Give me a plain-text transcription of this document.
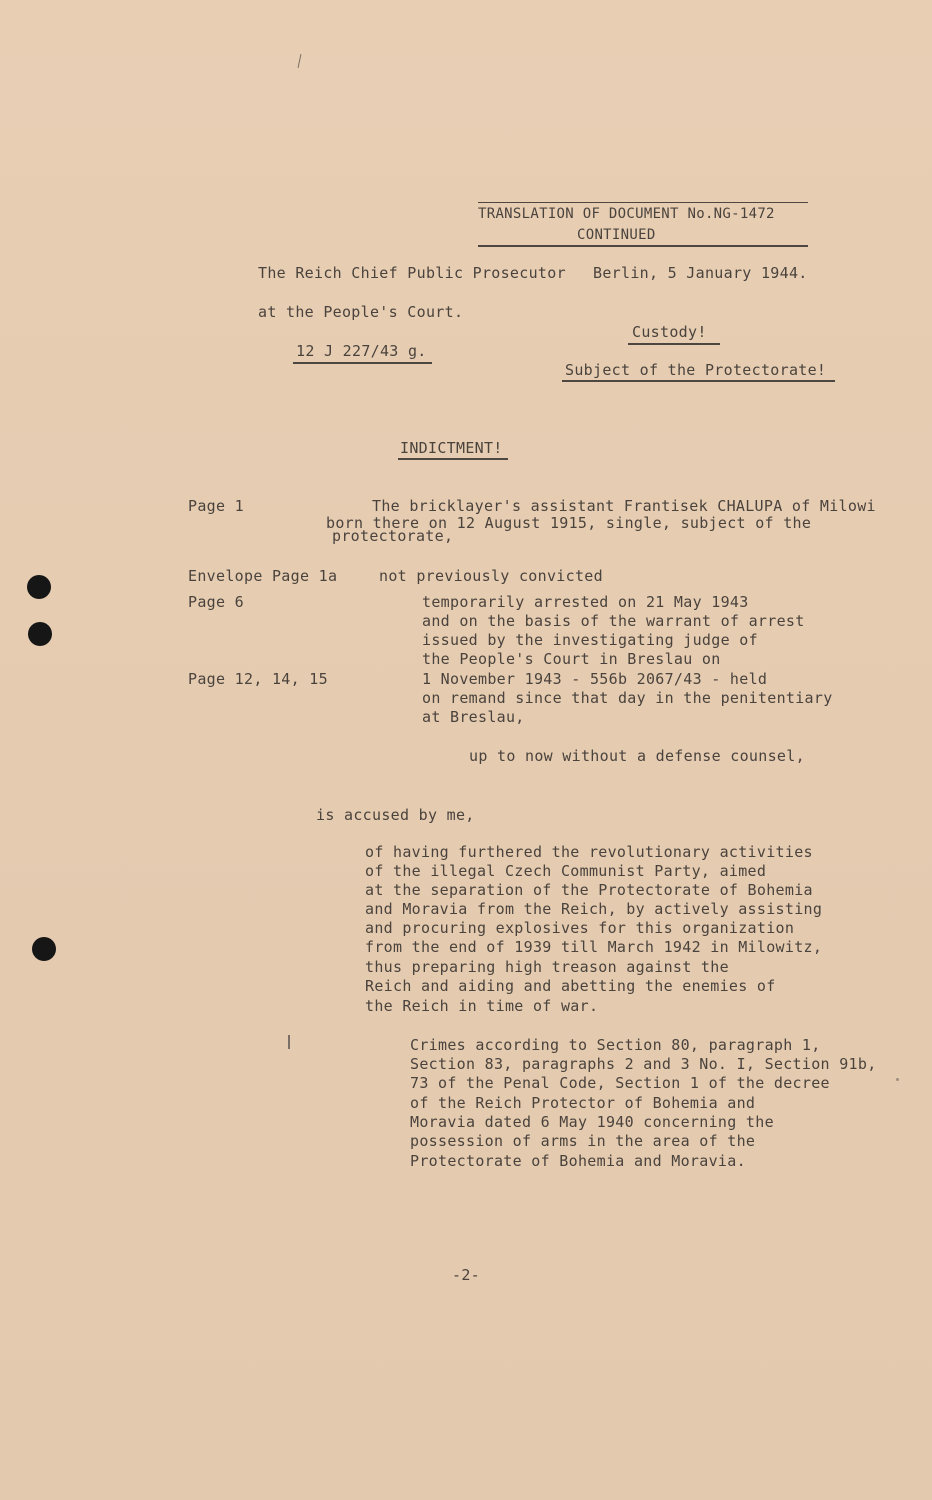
TRANSLATION OF DOCUMENT No.NG-1472
CONTINUED
The Reich Chief Public Prosecutor Berlin, 5 January 1944.
at the People's Court.
Custody!
12 J 227/43 g.
Subject of the Protectorate!
INDICTMENT!
Page 1	The bricklayer's assistant Frantisek CHALUPA of Milowi
born there on 12 August 1915, single, subject of the
protectorate,
Envelope Page 1a	not previously convicted
Page 6	temporarily arrested on 21 May 1943
and on the basis of the warrant of arrest
issued by the investigating judge of
the People's Court in Breslau on
Page 12, 14, 15	1 November 1943 - 556b 2067/43 - held
on remand since that day in the penitentiary
at Breslau,
up to now without a defense counsel,
is accused by me,
of having furthered the revolutionary activities
of the illegal Czech Communist Party, aimed
at the separation of the Protectorate of Bohemia
and Moravia from the Reich, by actively assisting
and procuring explosives for this organization
from the end of 1939 till March 1942 in Milowitz,
thus preparing high treason against the
Reich and aiding and abetting the enemies of
the Reich in time of war.
Crimes according to Section 80, paragraph 1,
Section 83, paragraphs 2 and 3 No. I, Section 91b,
73 of the Penal Code, Section 1 of the decree
of the Reich Protector of Bohemia and
Moravia dated 6 May 1940 concerning the
possession of arms in the area of the
Protectorate of Bohemia and Moravia.
-2-
